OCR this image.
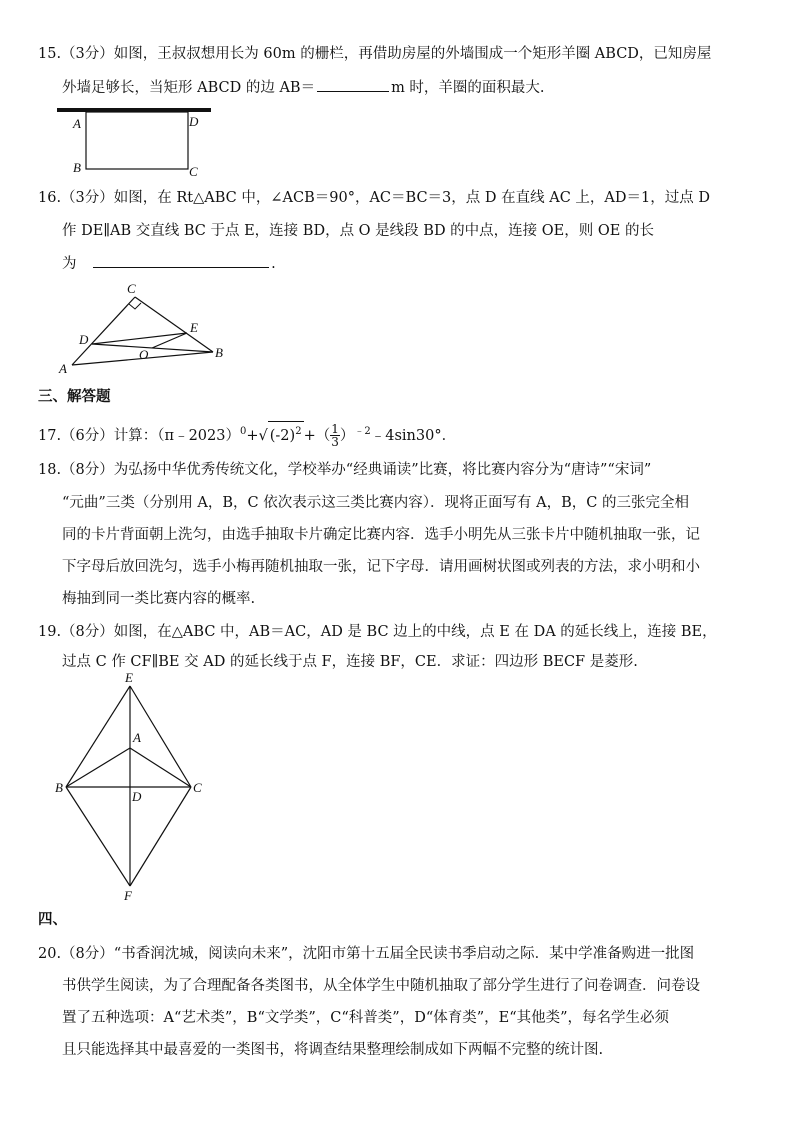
15.（3分）如图，王叔叔想用长为 60m 的栅栏，再借助房屋的外墙围成一个矩形羊圈 ABCD，已知房屋
外墙足够长，当矩形 ABCD 的边 AB＝	m 时，羊圈的面积最大.
A	D
B	C
16.（3分）如图，在 Rt△ABC 中，∠ACB＝90°，AC＝BC＝3，点 D 在直线 AC 上，AD＝1，过点 D
作 DE∥AB 交直线 BC 于点 E，连接 BD，点 O 是线段 BD 的中点，连接 OE，则 OE 的长
为	.
C
D
E
O	B
A
三、解答题
17.（6分）计算：（π﹣2023）$^0$+√ $(-2)^2$ +（ $\frac{1}{3}$ ）$^{﹣2}$﹣4sin30°．
18.（8分）为弘扬中华优秀传统文化，学校举办“经典诵读”比赛，将比赛内容分为“唐诗”“宋词”
“元曲”三类（分别用 A，B，C 依次表示这三类比赛内容）．现将正面写有 A，B，C 的三张完全相
同的卡片背面朝上洗匀，由选手抽取卡片确定比赛内容．选手小明先从三张卡片中随机抽取一张，记
下字母后放回洗匀，选手小梅再随机抽取一张，记下字母．请用画树状图或列表的方法，求小明和小
梅抽到同一类比赛内容的概率.
19.（8分）如图，在△ABC 中，AB＝AC，AD 是 BC 边上的中线，点 E 在 DA 的延长线上，连接 BE，
过点 C 作 CF∥BE 交 AD 的延长线于点 F，连接 BF，CE．求证：四边形 BECF 是菱形.
E
A
B	C
D
F
四、
20.（8分）“书香润沈城，阅读向未来”，沈阳市第十五届全民读书季启动之际．某中学准备购进一批图
书供学生阅读，为了合理配备各类图书，从全体学生中随机抽取了部分学生进行了问卷调查．问卷设
置了五种选项：A“艺术类”，B“文学类”，C“科普类”，D“体育类”，E“其他类”，每名学生必须
且只能选择其中最喜爱的一类图书，将调查结果整理绘制成如下两幅不完整的统计图.
